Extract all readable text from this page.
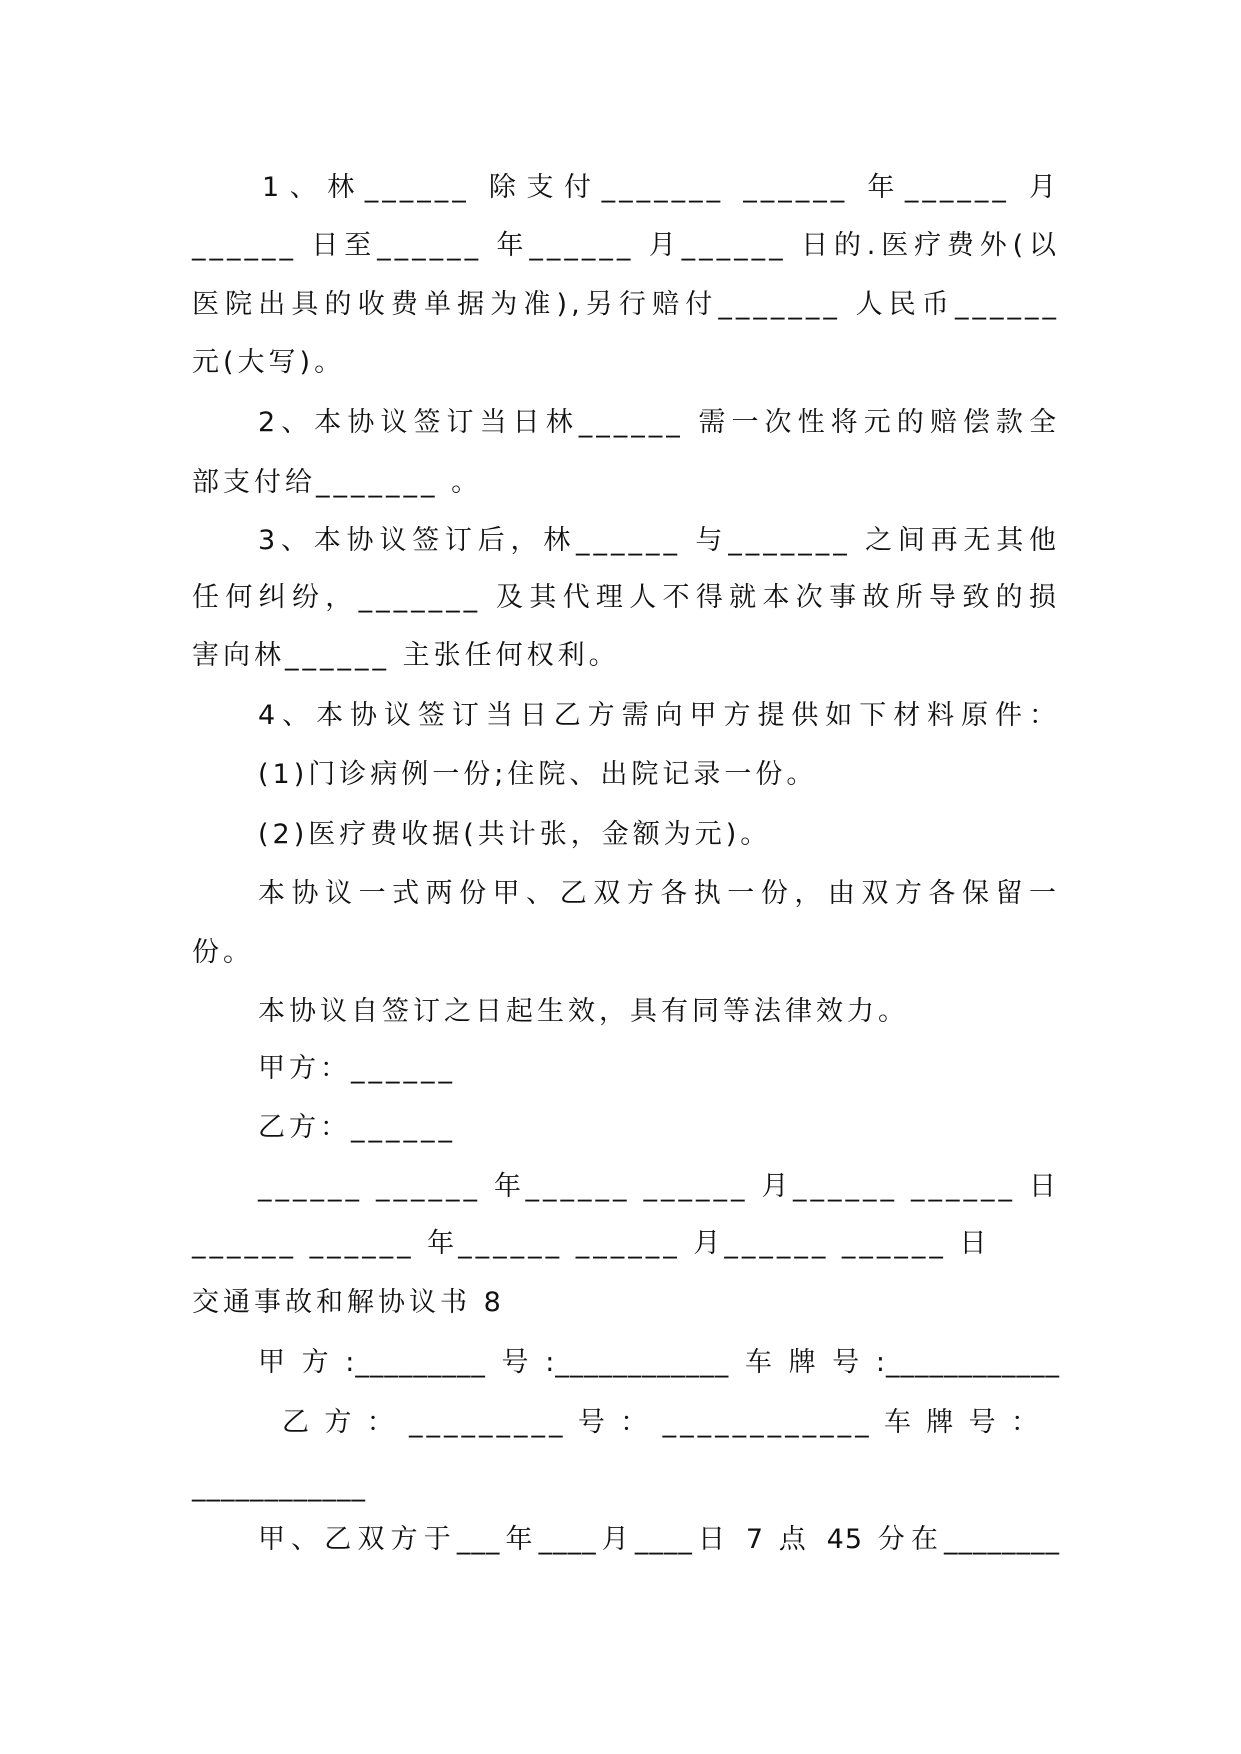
1、林______ 除支付_______ ______ 年______ 月
______ 日至______ 年______ 月______ 日的.医疗费外(以
医院出具的收费单据为准),另行赔付_______ 人民币______
元(大写)。
2、本协议签订当日林______ 需一次性将元的赔偿款全
部支付给_______ 。
3、本协议签订后，林______ 与_______ 之间再无其他
任何纠纷，_______ 及其代理人不得就本次事故所导致的损
害向林______ 主张任何权利。
4、本协议签订当日乙方需向甲方提供如下材料原件：
(1)门诊病例一份;住院、出院记录一份。
(2)医疗费收据(共计张，金额为元)。
本协议一式两份甲、乙双方各执一份，由双方各保留一
份。
本协议自签订之日起生效，具有同等法律效力。
甲方：______
乙方：______
______ ______ 年______ ______ 月______ ______ 日
______ ______ 年______ ______ 月______ ______ 日
交通事故和解协议书 8
甲方:_________号:____________车牌号:____________
乙方：_________号：____________车牌号：
____________
甲、乙双方于___年____月____日 7 点 45 分在________
